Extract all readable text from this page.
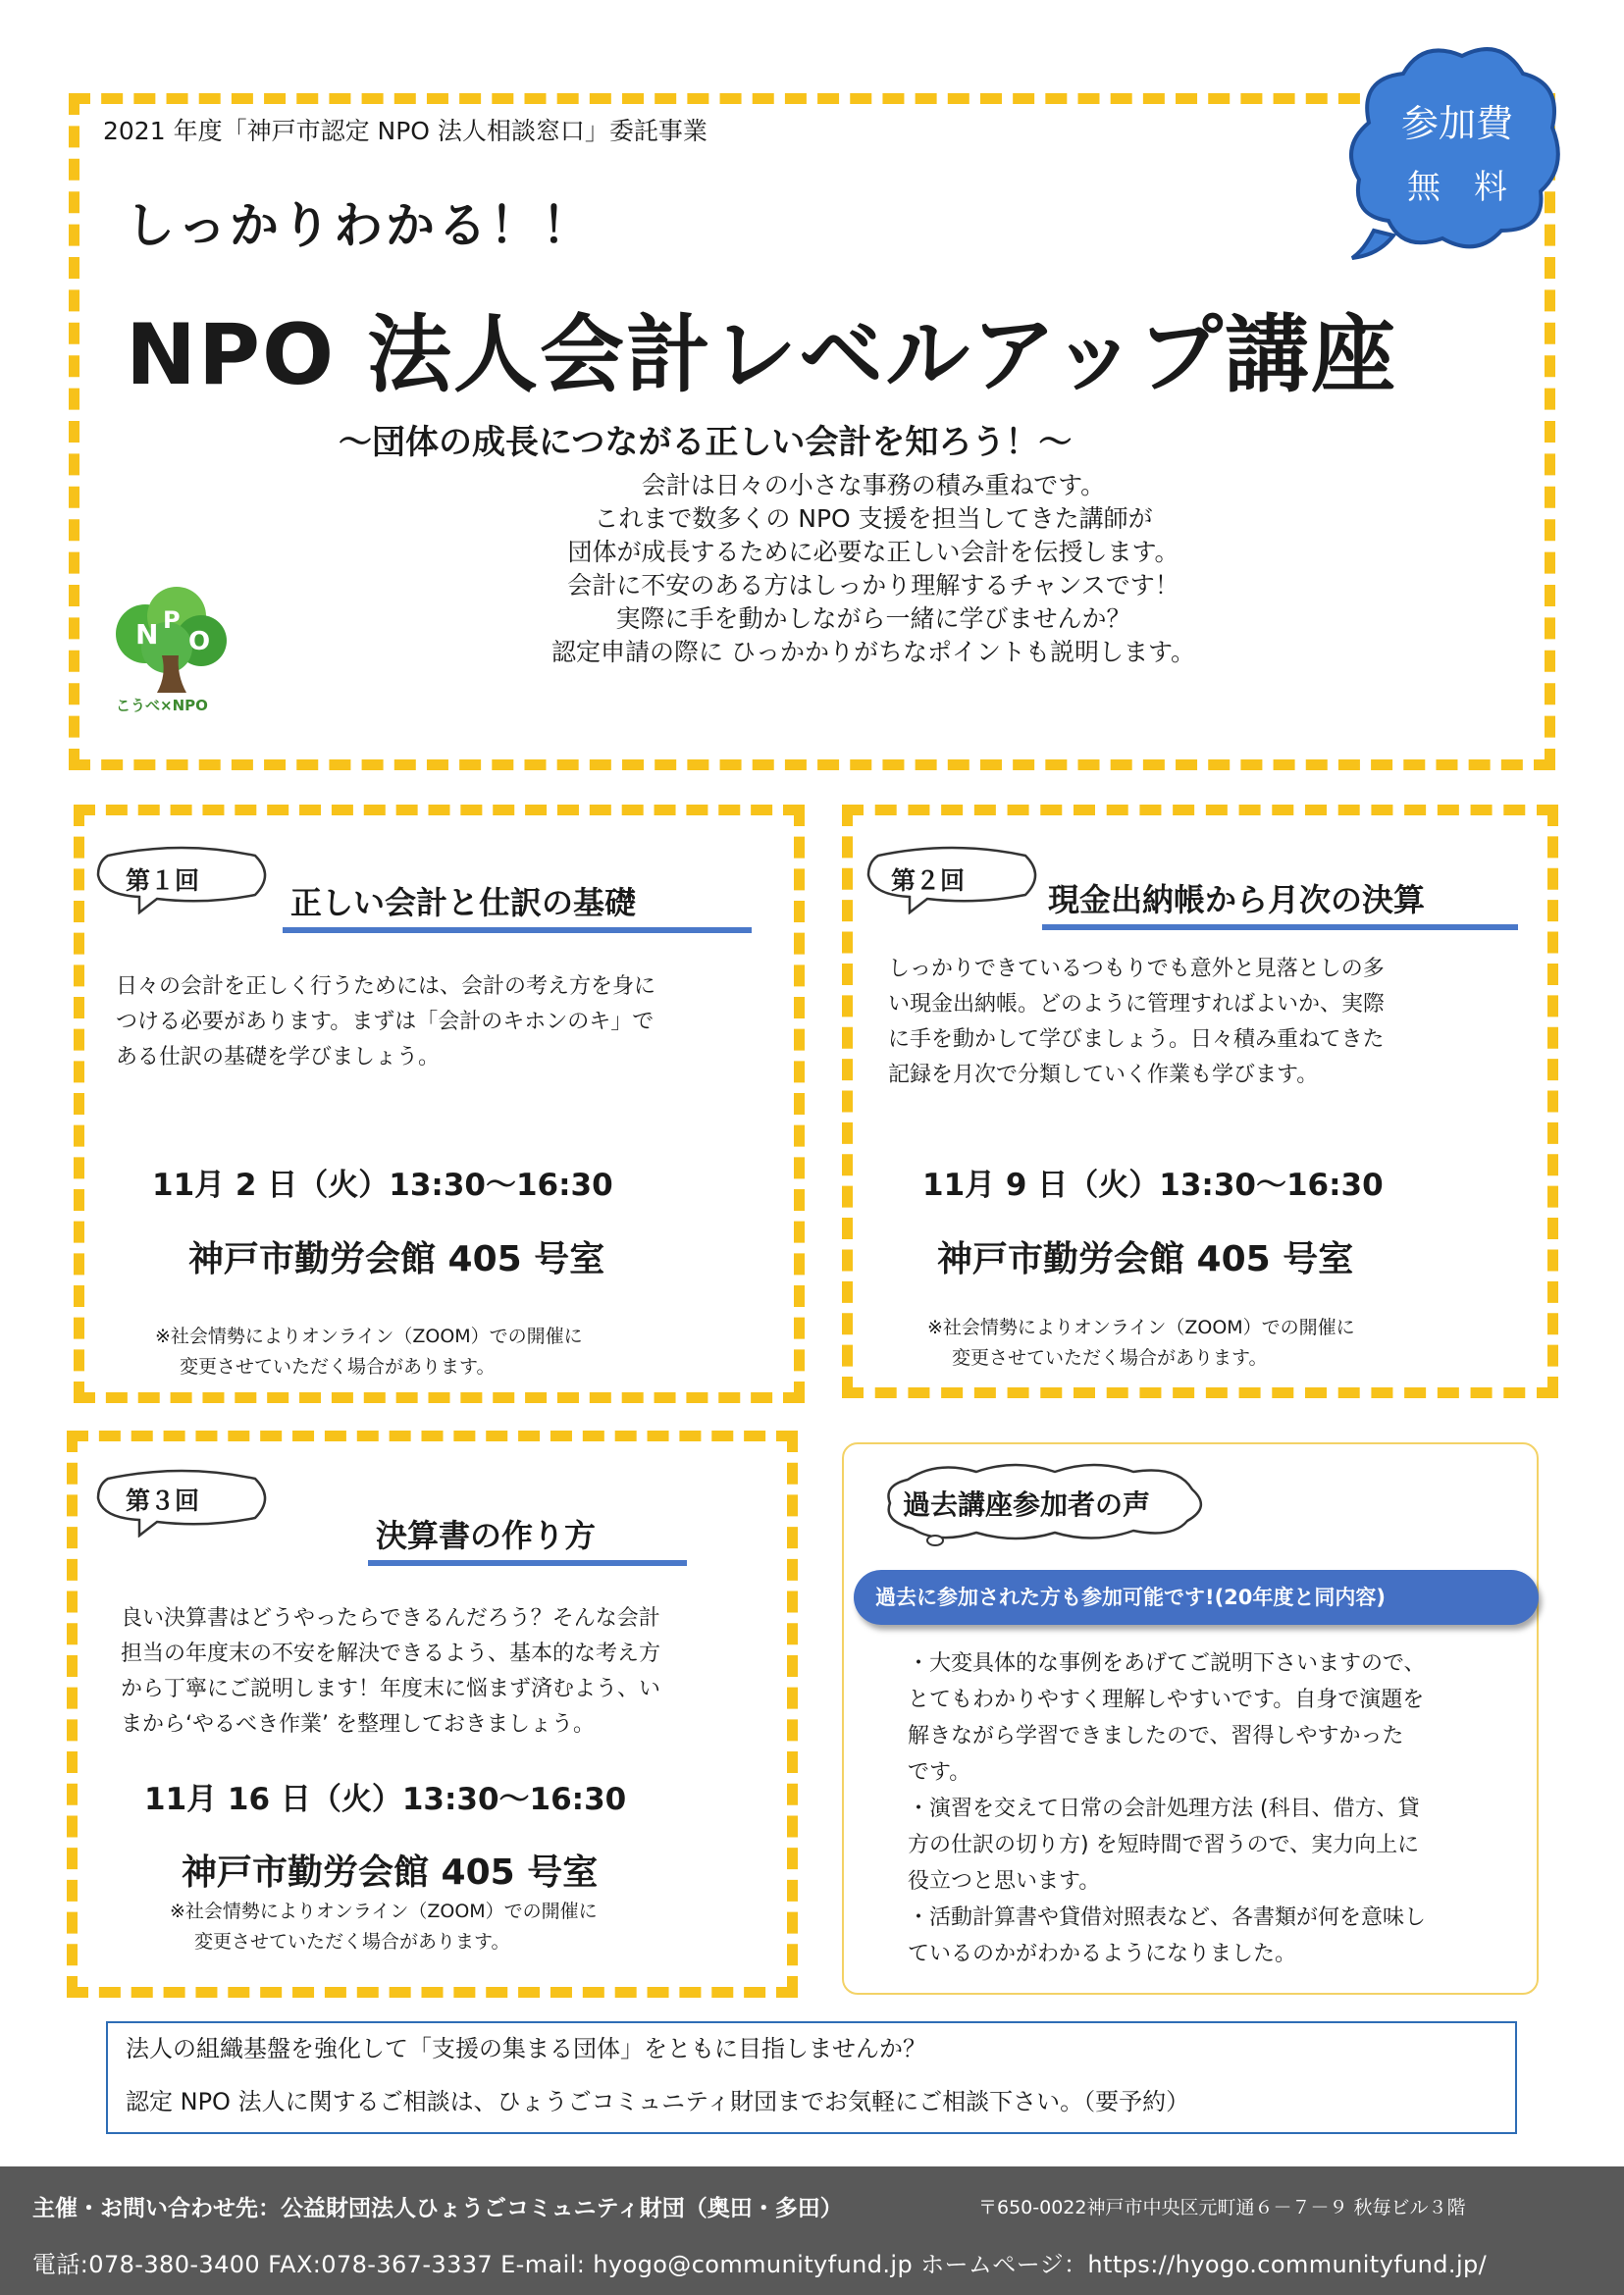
2021 年度「神戸市認定 NPO 法人相談窓口」委託事業
しっかりわかる！！
NPO 法人会計レベルアップ講座
～団体の成長につながる正しい会計を知ろう！～
会計は日々の小さな事務の積み重ねです。
これまで数多くの NPO 支援を担当してきた講師が
団体が成長するために必要な正しい会計を伝授します。
会計に不安のある方はしっかり理解するチャンスです！
実際に手を動かしながら一緒に学びませんか？
認定申請の際に ひっかかりがちなポイントも説明します。
N P
O
こうべ×NPO
参加費
無　料
第１回
正しい会計と仕訳の基礎
日々の会計を正しく行うためには、会計の考え方を身に
つける必要があります。まずは「会計のキホンのキ」で
ある仕訳の基礎を学びましょう。
11月 2 日（火）13:30～16:30
神戸市勤労会館 405 号室
※社会情勢によりオンライン（ZOOM）での開催に
変更させていただく場合があります。
第２回
現金出納帳から月次の決算
しっかりできているつもりでも意外と見落としの多
い現金出納帳。どのように管理すればよいか、実際
に手を動かして学びましょう。日々積み重ねてきた
記録を月次で分類していく作業も学びます。
11月 9 日（火）13:30～16:30
神戸市勤労会館 405 号室
※社会情勢によりオンライン（ZOOM）での開催に
変更させていただく場合があります。
第３回
決算書の作り方
良い決算書はどうやったらできるんだろう？そんな会計
担当の年度末の不安を解決できるよう、基本的な考え方
から丁寧にご説明します！年度末に悩まず済むよう、い
まから‘やるべき作業’ を整理しておきましょう。
11月 16 日（火）13:30～16:30
神戸市勤労会館 405 号室
※社会情勢によりオンライン（ZOOM）での開催に
変更させていただく場合があります。
過去講座参加者の声
過去に参加された方も参加可能です!(20年度と同内容)
・大変具体的な事例をあげてご説明下さいますので、
とてもわかりやすく理解しやすいです。自身で演題を
解きながら学習できましたので、習得しやすかった
です。
・演習を交えて日常の会計処理方法 (科目、借方、貸
方の仕訳の切り方) を短時間で習うので、実力向上に
役立つと思います。
・活動計算書や貸借対照表など、各書類が何を意味し
ているのかがわかるようになりました。
法人の組織基盤を強化して「支援の集まる団体」をともに目指しませんか？
認定 NPO 法人に関するご相談は、ひょうごコミュニティ財団までお気軽にご相談下さい。（要予約）
主催・お問い合わせ先：公益財団法人ひょうごコミュニティ財団（奥田・多田）	〒650-0022神戸市中央区元町通６－７－９ 秋毎ビル３階
電話:078-380-3400 FAX:078-367-3337 E-mail: hyogo@communityfund.jp ホームページ：https://hyogo.communityfund.jp/
